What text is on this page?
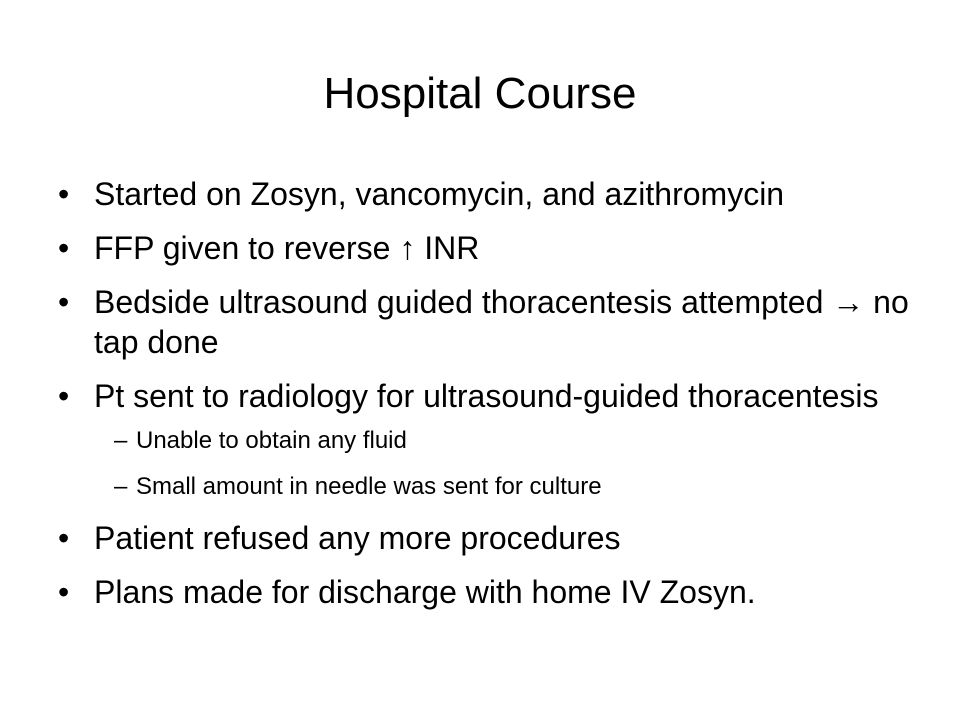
Hospital Course
• Started on Zosyn, vancomycin, and azithromycin
• FFP given to reverse ↑ INR
• Bedside ultrasound guided thoracentesis attempted → no tap done
• Pt sent to radiology for ultrasound-guided thoracentesis
– Unable to obtain any fluid
– Small amount in needle was sent for culture
• Patient refused any more procedures
• Plans made for discharge with home IV Zosyn.
